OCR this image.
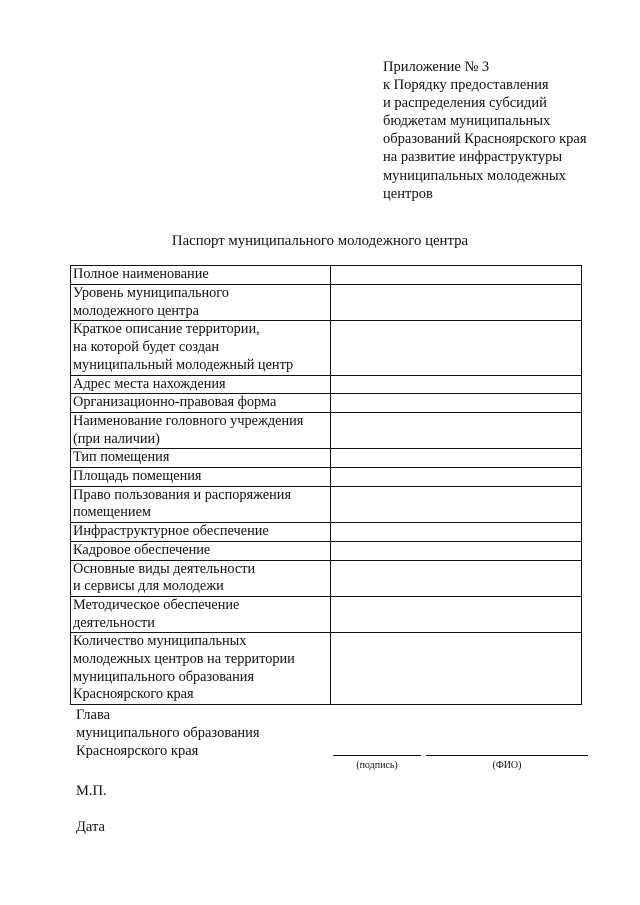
Приложение № 3
к Порядку предоставления
и распределения субсидий
бюджетам муниципальных
образований Красноярского края
на развитие инфраструктуры
муниципальных молодежных
центров
Паспорт муниципального молодежного центра
Полное наименование	
Уровень муниципального
молодежного центра	
Краткое описание территории,
на которой будет создан
муниципальный молодежный центр	
Адрес места нахождения	
Организационно-правовая форма	
Наименование головного учреждения
(при наличии)	
Тип помещения	
Площадь помещения	
Право пользования и распоряжения
помещением	
Инфраструктурное обеспечение	
Кадровое обеспечение	
Основные виды деятельности
и сервисы для молодежи	
Методическое обеспечение
деятельности	
Количество муниципальных
молодежных центров на территории
муниципального образования
Красноярского края	
Глава
муниципального образования
Красноярского края
(подпись)	(ФИО)
М.П.
Дата
